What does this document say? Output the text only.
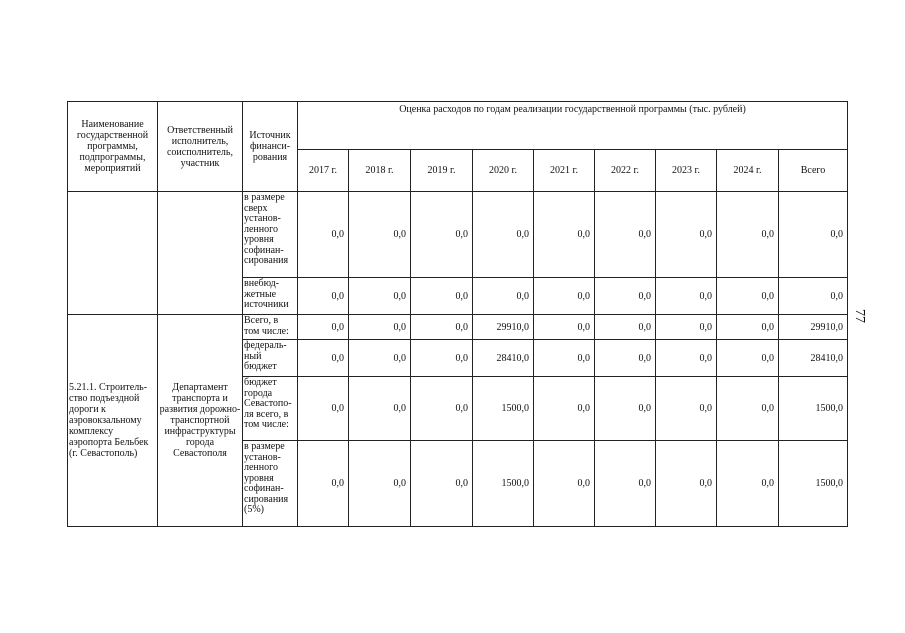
77
Наименование государственной программы, подпрограммы, мероприятий	Ответственный исполнитель, соисполнитель, участник	Источник финанси-рования	Оценка расходов по годам реализации государственной программы (тыс. рублей)								
			2017 г.	2018 г.	2019 г.	2020 г.	2021 г.	2022 г.	2023 г.	2024 г.	Всего
		в размере сверх установ-ленного уровня софинан-сирования	0,0	0,0	0,0	0,0	0,0	0,0	0,0	0,0	0,0
		внебюд-жетные источники	0,0	0,0	0,0	0,0	0,0	0,0	0,0	0,0	0,0
5.21.1. Строитель-ство подъездной дороги к аэровокзальному комплексу аэропорта Бельбек (г. Севастополь)	Департамент транспорта и развития дорожно-транспортной инфраструктуры города Севастополя	Всего, в том числе:	0,0	0,0	0,0	29910,0	0,0	0,0	0,0	0,0	29910,0
		федераль-ный бюджет	0,0	0,0	0,0	28410,0	0,0	0,0	0,0	0,0	28410,0
		бюджет города Севастопо-ля всего, в том числе:	0,0	0,0	0,0	1500,0	0,0	0,0	0,0	0,0	1500,0
		в размере установ-ленного уровня софинан-сирования (5%)	0,0	0,0	0,0	1500,0	0,0	0,0	0,0	0,0	1500,0
